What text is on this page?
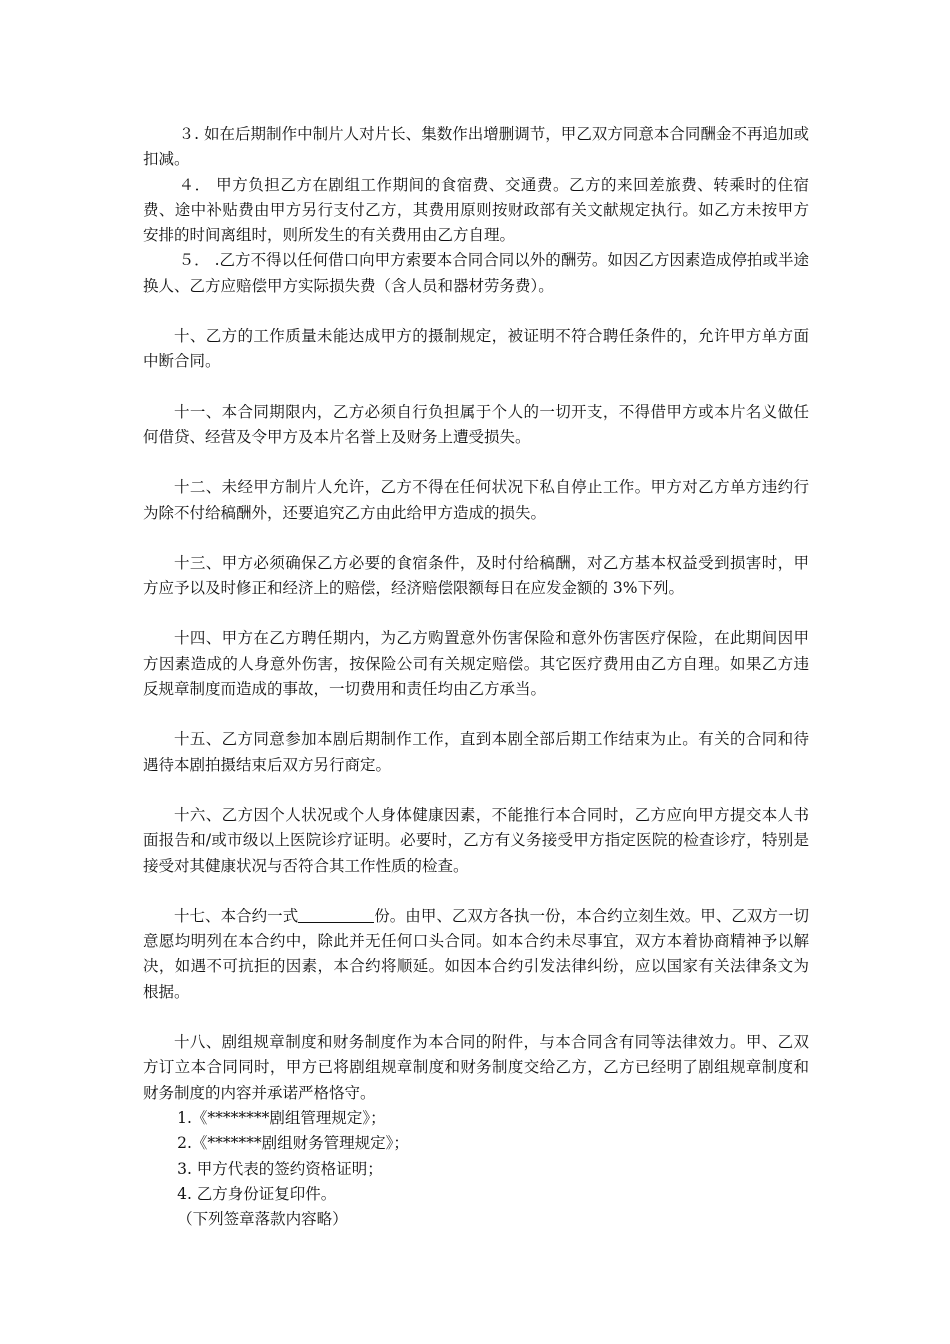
３. 如在后期制作中制片人对片长、集数作出增删调节，甲乙双方同意本合同酬金不再追加或扣减。

４． 甲方负担乙方在剧组工作期间的食宿费、交通费。乙方的来回差旅费、转乘时的住宿费、途中补贴费由甲方另行支付乙方，其费用原则按财政部有关文献规定执行。如乙方未按甲方安排的时间离组时，则所发生的有关费用由乙方自理。

５． .乙方不得以任何借口向甲方索要本合同合同以外的酬劳。如因乙方因素造成停拍或半途换人、乙方应赔偿甲方实际损失费（含人员和器材劳务费）。

十、乙方的工作质量未能达成甲方的摄制规定，被证明不符合聘任条件的，允许甲方单方面中断合同。

十一、本合同期限内，乙方必须自行负担属于个人的一切开支，不得借甲方或本片名义做任何借贷、经营及令甲方及本片名誉上及财务上遭受损失。

十二、未经甲方制片人允许，乙方不得在任何状况下私自停止工作。甲方对乙方单方违约行为除不付给稿酬外，还要追究乙方由此给甲方造成的损失。

十三、甲方必须确保乙方必要的食宿条件，及时付给稿酬，对乙方基本权益受到损害时，甲方应予以及时修正和经济上的赔偿，经济赔偿限额每日在应发金额的 3%下列。

十四、甲方在乙方聘任期内，为乙方购置意外伤害保险和意外伤害医疗保险，在此期间因甲方因素造成的人身意外伤害，按保险公司有关规定赔偿。其它医疗费用由乙方自理。如果乙方违反规章制度而造成的事故，一切费用和责任均由乙方承当。

十五、乙方同意参加本剧后期制作工作，直到本剧全部后期工作结束为止。有关的合同和待遇待本剧拍摄结束后双方另行商定。

十六、乙方因个人状况或个人身体健康因素，不能推行本合同时，乙方应向甲方提交本人书面报告和/或市级以上医院诊疗证明。必要时，乙方有义务接受甲方指定医院的检查诊疗，特别是接受对其健康状况与否符合其工作性质的检查。

十七、本合约一式	份。由甲、乙双方各执一份，本合约立刻生效。甲、乙双方一切意愿均明列在本合约中，除此并无任何口头合同。如本合约未尽事宜，双方本着协商精神予以解决，如遇不可抗拒的因素，本合约将顺延。如因本合约引发法律纠纷，应以国家有关法律条文为根据。

十八、剧组规章制度和财务制度作为本合同的附件，与本合同含有同等法律效力。甲、乙双方订立本合同同时，甲方已将剧组规章制度和财务制度交给乙方，乙方已经明了剧组规章制度和财务制度的内容并承诺严格恪守。

1.《********剧组管理规定》；

2.《*******剧组财务管理规定》；

3. 甲方代表的签约资格证明；

4. 乙方身份证复印件。

（下列签章落款内容略）
